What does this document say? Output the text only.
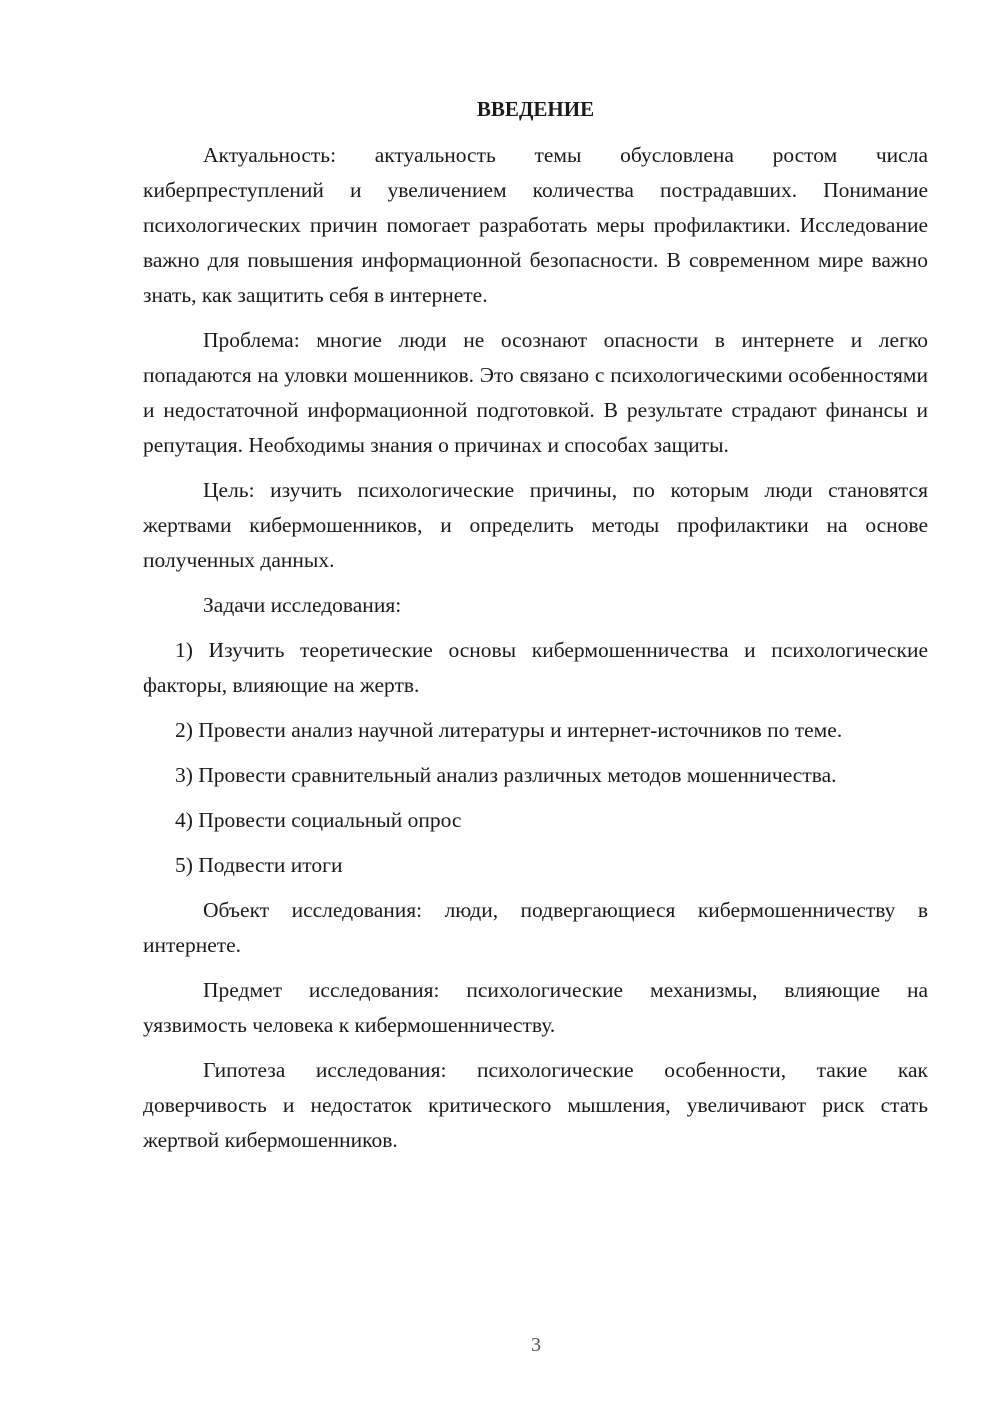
ВВЕДЕНИЕ

Актуальность: актуальность темы обусловлена ростом числа киберпреступлений и увеличением количества пострадавших. Понимание психологических причин помогает разработать меры профилактики. Исследование важно для повышения информационной безопасности. В современном мире важно знать, как защитить себя в интернете.

Проблема: многие люди не осознают опасности в интернете и легко попадаются на уловки мошенников. Это связано с психологическими особенностями и недостаточной информационной подготовкой. В результате страдают финансы и репутация. Необходимы знания о причинах и способах защиты.

Цель: изучить психологические причины, по которым люди становятся жертвами кибермошенников, и определить методы профилактики на основе полученных данных.

Задачи исследования:

1) Изучить теоретические основы кибермошенничества и психологические факторы, влияющие на жертв.

2) Провести анализ научной литературы и интернет-источников по теме.

3) Провести сравнительный анализ различных методов мошенничества.

4) Провести социальный опрос

5) Подвести итоги

Объект исследования: люди, подвергающиеся кибермошенничеству в интернете.

Предмет исследования: психологические механизмы, влияющие на уязвимость человека к кибермошенничеству.

Гипотеза исследования: психологические особенности, такие как доверчивость и недостаток критического мышления, увеличивают риск стать жертвой кибермошенников.

3
